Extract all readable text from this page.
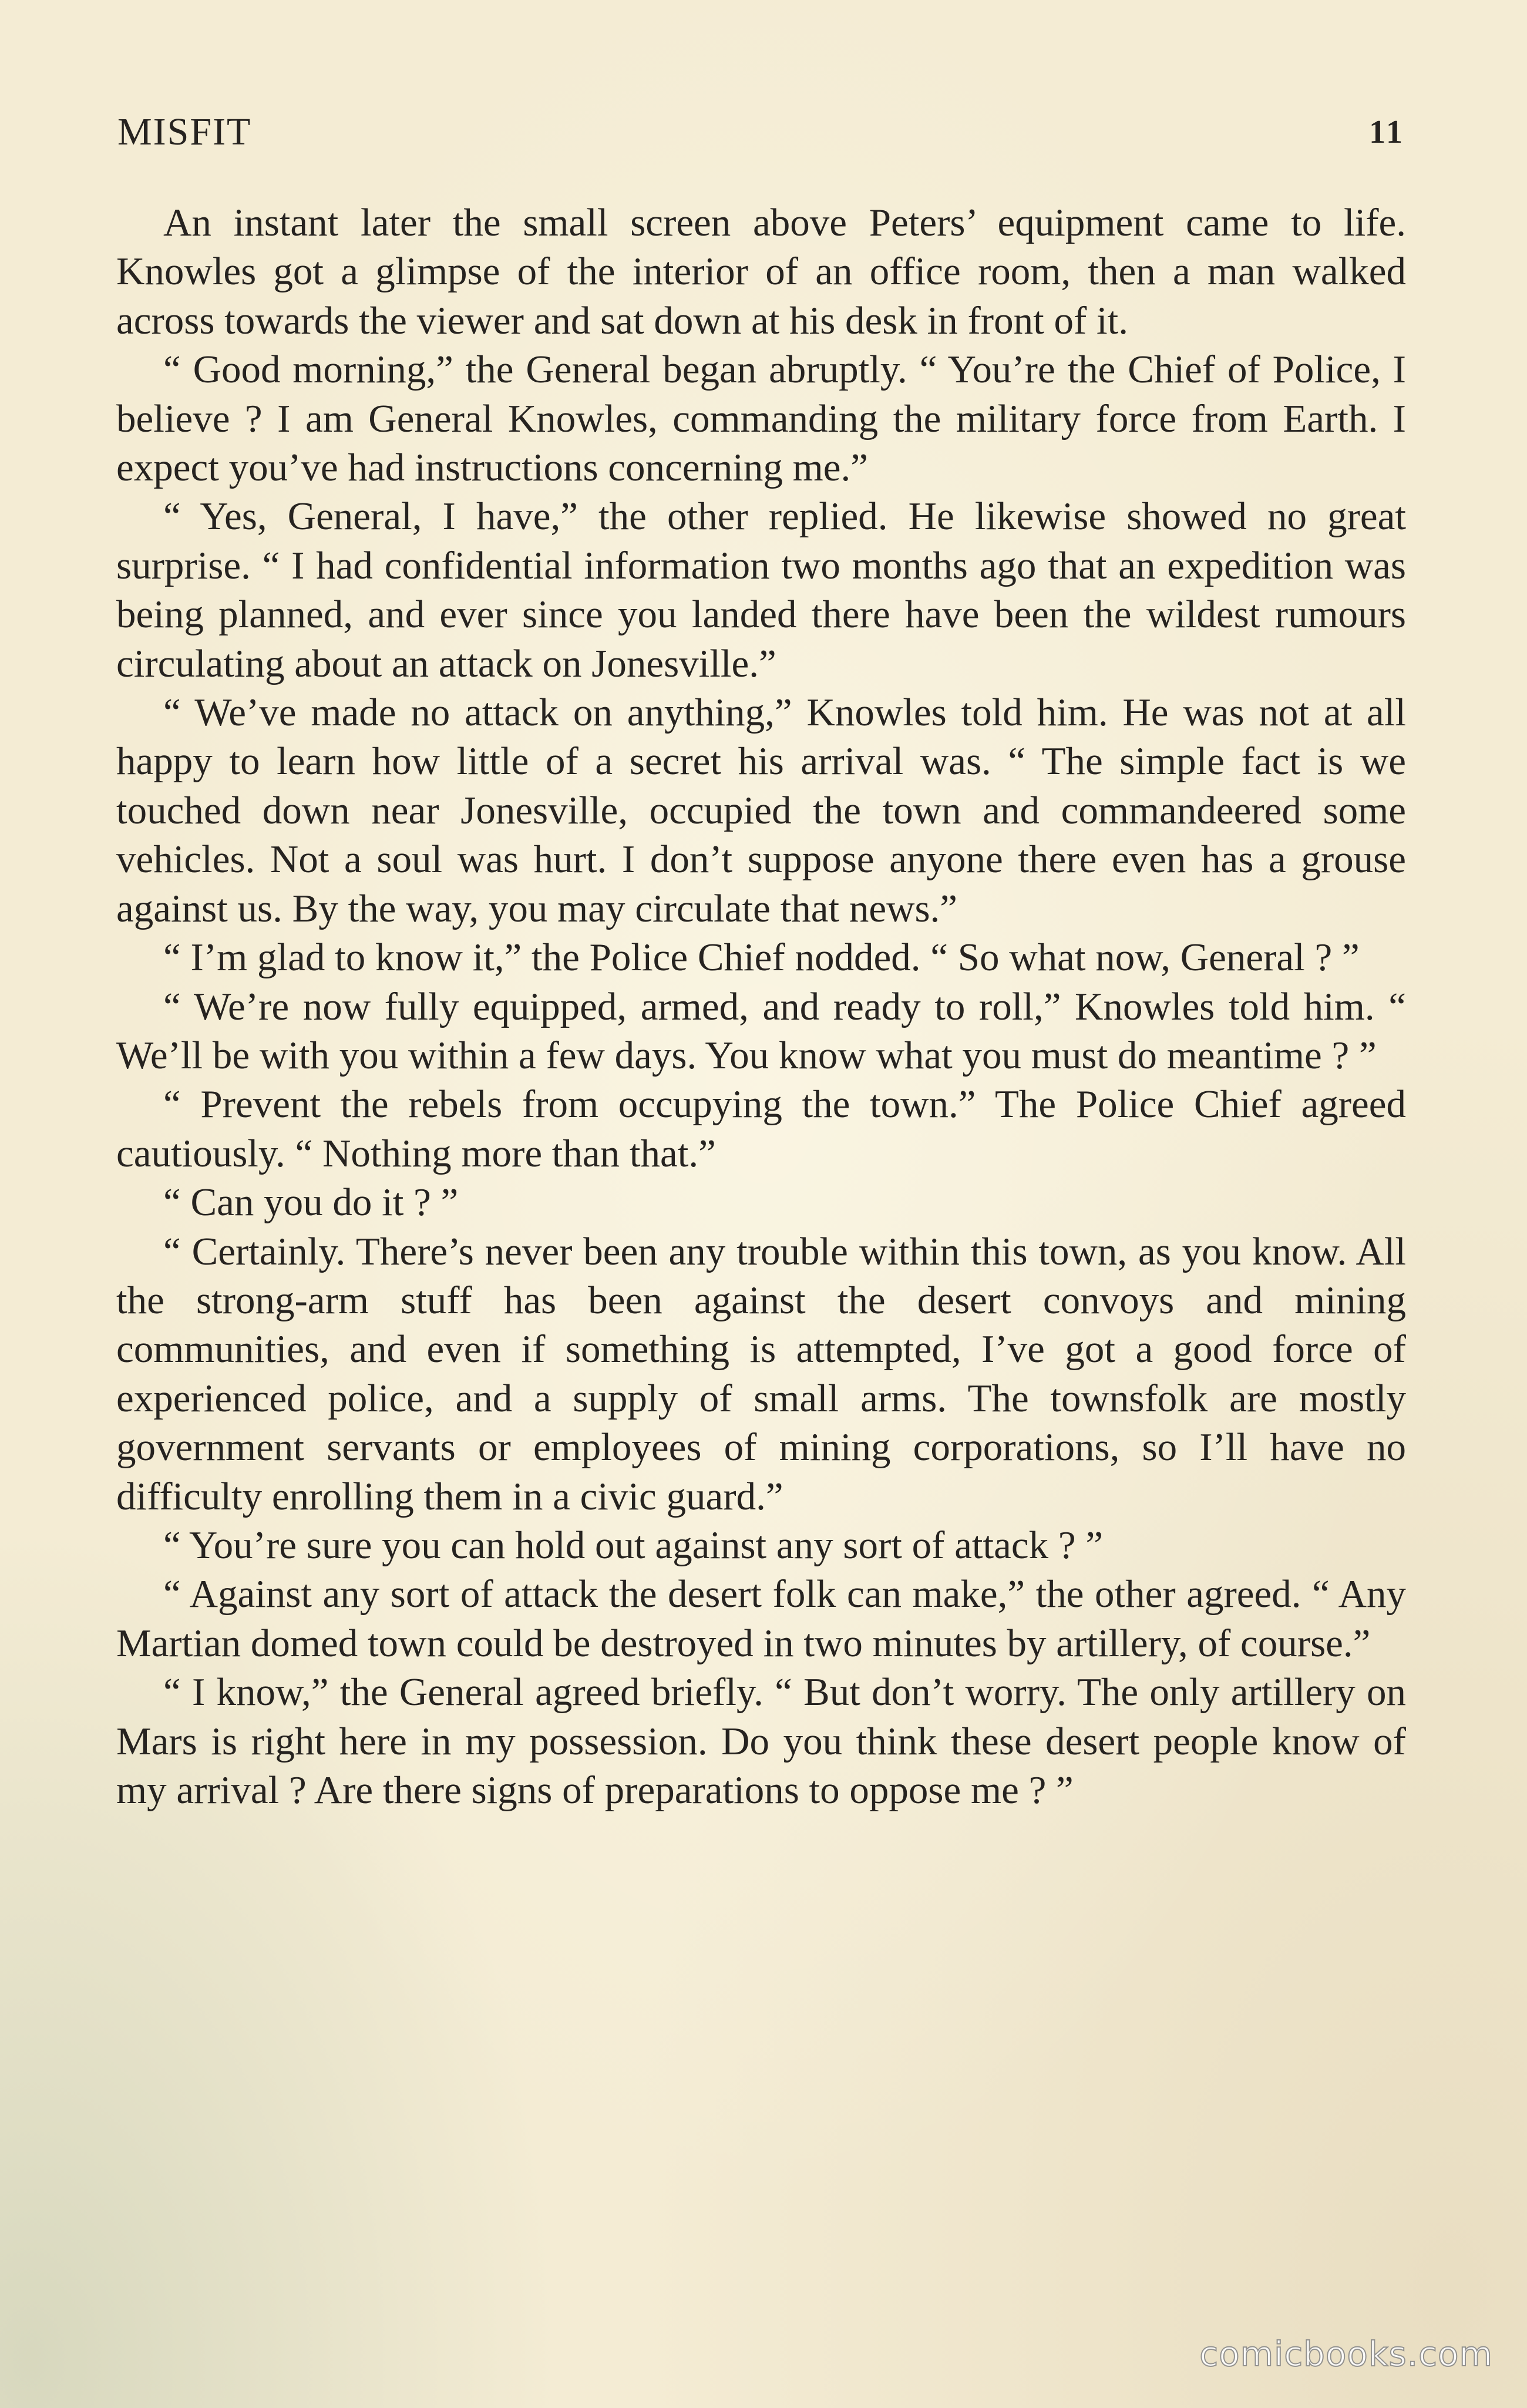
MISFIT	11

An instant later the small screen above Peters’ equipment came to life. Knowles got a glimpse of the interior of an office room, then a man walked across towards the viewer and sat down at his desk in front of it.

“ Good morning,” the General began abruptly. “ You’re the Chief of Police, I believe ? I am General Knowles, commanding the military force from Earth. I expect you’ve had instructions concerning me.”

“ Yes, General, I have,” the other replied. He likewise showed no great surprise. “ I had confidential information two months ago that an expedition was being planned, and ever since you landed there have been the wildest rumours circulating about an attack on Jonesville.”

“ We’ve made no attack on anything,” Knowles told him. He was not at all happy to learn how little of a secret his arrival was. “ The simple fact is we touched down near Jonesville, occupied the town and commandeered some vehicles. Not a soul was hurt. I don’t suppose anyone there even has a grouse against us. By the way, you may circulate that news.”

“ I’m glad to know it,” the Police Chief nodded. “ So what now, General ? ”

“ We’re now fully equipped, armed, and ready to roll,” Knowles told him. “ We’ll be with you within a few days. You know what you must do meantime ? ”

“ Prevent the rebels from occupying the town.” The Police Chief agreed cautiously. “ Nothing more than that.”

“ Can you do it ? ”

“ Certainly. There’s never been any trouble within this town, as you know. All the strong-arm stuff has been against the desert convoys and mining communities, and even if something is attempted, I’ve got a good force of experienced police, and a supply of small arms. The townsfolk are mostly government servants or employees of mining corporations, so I’ll have no difficulty enrolling them in a civic guard.”

“ You’re sure you can hold out against any sort of attack ? ”

“ Against any sort of attack the desert folk can make,” the other agreed. “ Any Martian domed town could be destroyed in two minutes by artillery, of course.”

“ I know,” the General agreed briefly. “ But don’t worry. The only artillery on Mars is right here in my possession. Do you think these desert people know of my arrival ? Are there signs of preparations to oppose me ? ”

comicbooks.com
